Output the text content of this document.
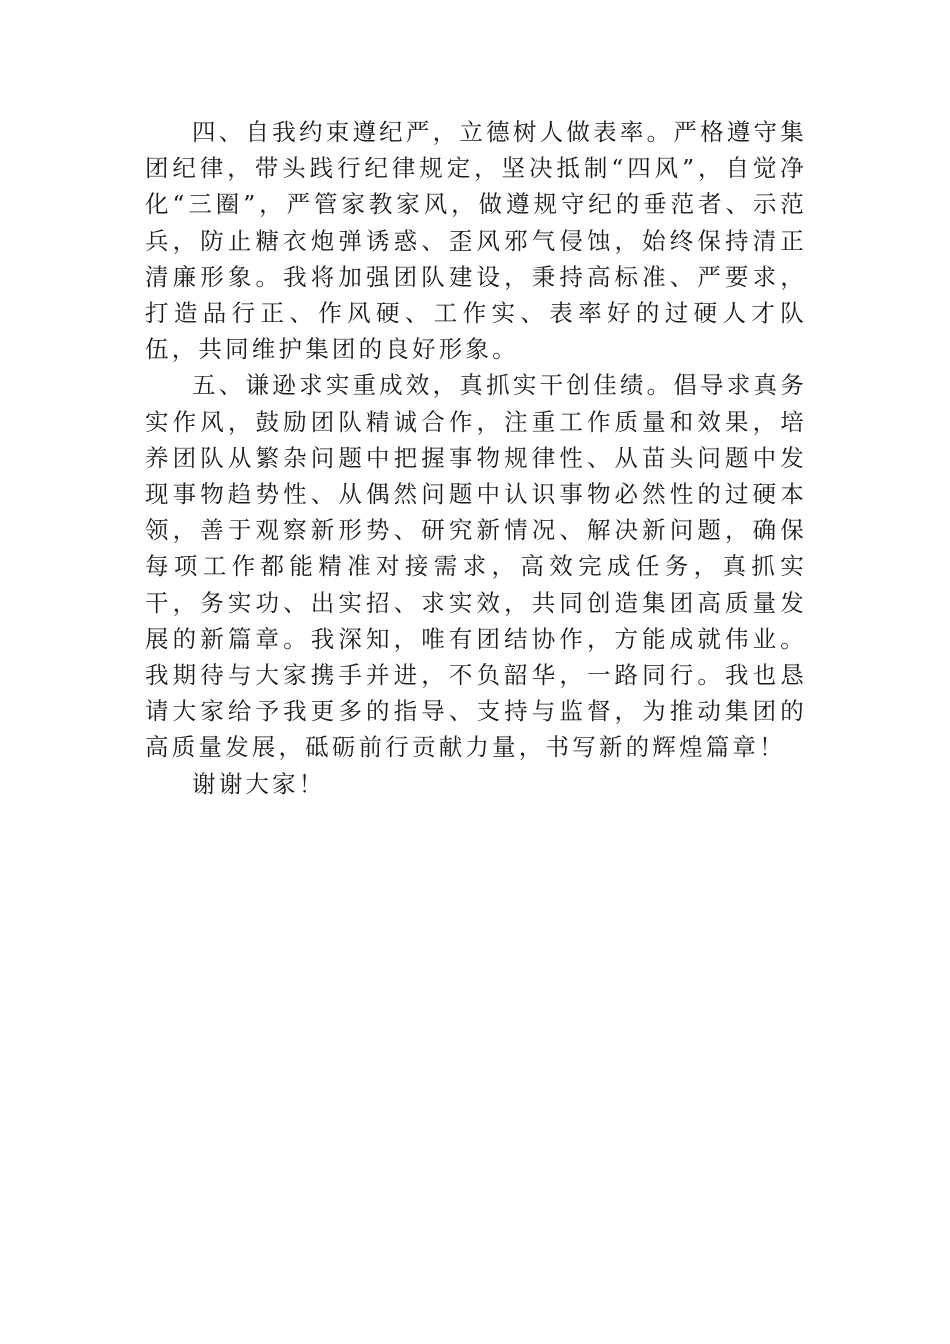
四、自我约束遵纪严，立德树人做表率。严格遵守集团纪律，带头践行纪律规定，坚决抵制“四风”，自觉净化“三圈”，严管家教家风，做遵规守纪的垂范者、示范兵，防止糖衣炮弹诱惑、歪风邪气侵蚀，始终保持清正清廉形象。我将加强团队建设，秉持高标准、严要求，打造品行正、作风硬、工作实、表率好的过硬人才队伍，共同维护集团的良好形象。

五、谦逊求实重成效，真抓实干创佳绩。倡导求真务实作风，鼓励团队精诚合作，注重工作质量和效果，培养团队从繁杂问题中把握事物规律性、从苗头问题中发现事物趋势性、从偶然问题中认识事物必然性的过硬本领，善于观察新形势、研究新情况、解决新问题，确保每项工作都能精准对接需求，高效完成任务，真抓实干，务实功、出实招、求实效，共同创造集团高质量发展的新篇章。我深知，唯有团结协作，方能成就伟业。我期待与大家携手并进，不负韶华，一路同行。我也恳请大家给予我更多的指导、支持与监督，为推动集团的高质量发展，砥砺前行贡献力量，书写新的辉煌篇章！

谢谢大家！
